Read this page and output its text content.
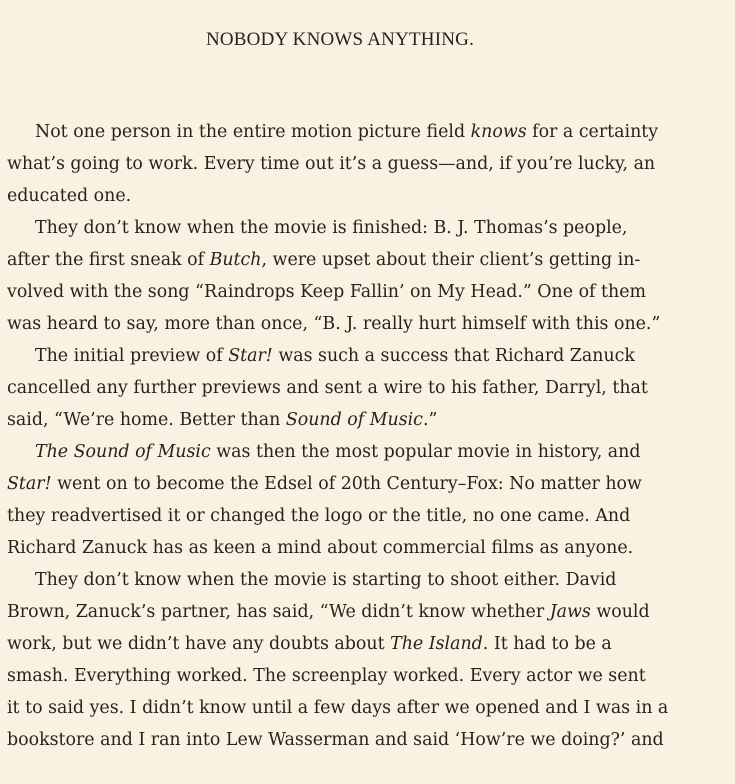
NOBODY KNOWS ANYTHING.
Not one person in the entire motion picture field knows for a certainty
what’s going to work. Every time out it’s a guess—and, if you’re lucky, an
educated one.
They don’t know when the movie is finished: B. J. Thomas’s people,
after the first sneak of Butch, were upset about their client’s getting in-
volved with the song “Raindrops Keep Fallin’ on My Head.” One of them
was heard to say, more than once, “B. J. really hurt himself with this one.”
The initial preview of Star! was such a success that Richard Zanuck
cancelled any further previews and sent a wire to his father, Darryl, that
said, “We’re home. Better than Sound of Music.”
The Sound of Music was then the most popular movie in history, and
Star! went on to become the Edsel of 20th Century–Fox: No matter how
they readvertised it or changed the logo or the title, no one came. And
Richard Zanuck has as keen a mind about commercial films as anyone.
They don’t know when the movie is starting to shoot either. David
Brown, Zanuck’s partner, has said, “We didn’t know whether Jaws would
work, but we didn’t have any doubts about The Island. It had to be a
smash. Everything worked. The screenplay worked. Every actor we sent
it to said yes. I didn’t know until a few days after we opened and I was in a
bookstore and I ran into Lew Wasserman and said ‘How’re we doing?’ and
